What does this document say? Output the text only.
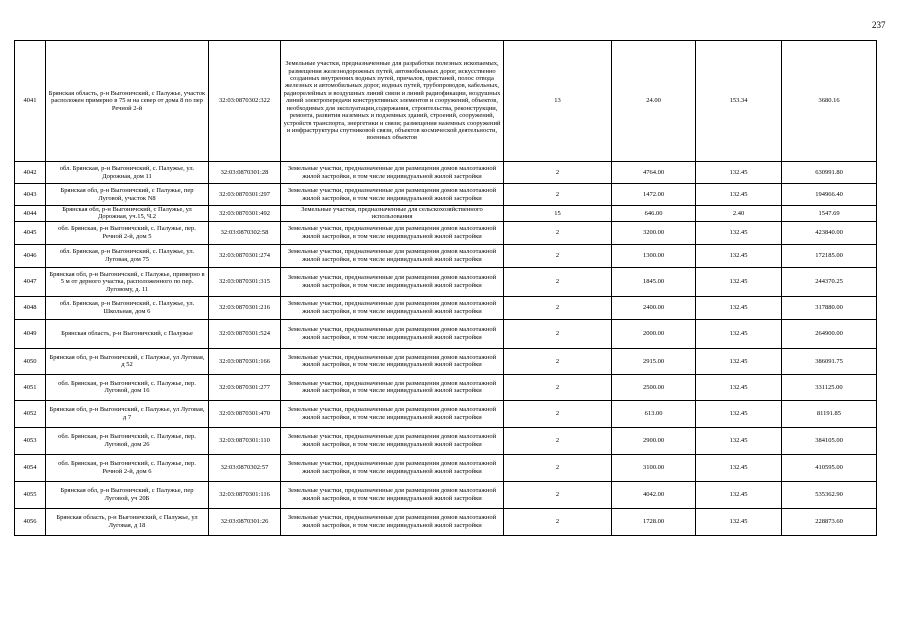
237
4041	Брянская область, р-н Выгоничский, с Палужье, участок расположен примерно в 75 м на север от дома 8 по пер Речной 2-й	32:03:0870302:322	Земельные участки, предназначенные для разработки полезных ископаемых, размещения железнодорожных путей, автомобильных дорог, искусственно созданных внутренних водных путей, причалов, пристаней, полос отвода железных и автомобильных дорог, водных путей, трубопроводов, кабельных, радиорелейных и воздушных линий связи и линий радиофикации, воздушных линий электропередачи конструктивных элементов и сооружений, объектов, необходимых для эксплуатации,содержания, строительства, реконструкции, ремонта, развития наземных и подземных зданий, строений, сооружений, устройств транспорта, энергетики и связи; размещения наземных сооружений и инфраструктуры спутниковой связи, объектов космической деятельности, военных объектов	13	24.00	153.34	3680.16
4042	обл. Брянская, р-н Выгоничский, с. Палужье, ул. Дорожная, дом 11	32:03:0870301:28	Земельные участки, предназначенные для размещения домов малоэтажной жилой застройки, в том числе индивидуальной жилой застройки	2	4764.00	132.45	630991.80
4043	Брянская обл, р-н Выгоничский, с Палужье, пер Луговой, участок N8	32:03:0870301:297	Земельные участки, предназначенные для размещения домов малоэтажной жилой застройки, в том числе индивидуальной жилой застройки	2	1472.00	132.45	194966.40
4044	Брянская обл, р-н Выгоничский, с Палужье, ул Дорожная, уч.15, Ч.2	32:03:0870301:492	Земельные участки, предназначенные для сельскохозяйственного использования	15	646.00	2.40	1547.69
4045	обл. Брянская, р-н Выгоничский, с. Палужье, пер. Речной 2-й, дом 5	32:03:0870302:58	Земельные участки, предназначенные для размещения домов малоэтажной жилой застройки, в том числе индивидуальной жилой застройки	2	3200.00	132.45	423840.00
4046	обл. Брянская, р-н Выгоничский, с. Палужье, ул. Луговая, дом 75	32:03:0870301:274	Земельные участки, предназначенные для размещения домов малоэтажной жилой застройки, в том числе индивидуальной жилой застройки	2	1300.00	132.45	172185.00
4047	Брянская обл, р-н Выгоничский, с Палужье, примерно в 5 м от дерного участка, расположенного по пер. Луговому, д. 11	32:03:0870301:315	Земельные участки, предназначенные для размещения домов малоэтажной жилой застройки, в том числе индивидуальной жилой застройки	2	1845.00	132.45	244370.25
4048	обл. Брянская, р-н Выгоничский, с. Палужье, ул. Школьная, дом 6	32:03:0870301:216	Земельные участки, предназначенные для размещения домов малоэтажной жилой застройки, в том числе индивидуальной жилой застройки	2	2400.00	132.45	317880.00
4049	Брянская область, р-н Выгоничский, с Палужье	32:03:0870301:524	Земельные участки, предназначенные для размещения домов малоэтажной жилой застройки, в том числе индивидуальной жилой застройки	2	2000.00	132.45	264900.00
4050	Брянская обл, р-н Выгоничский, с Палужье, ул Луговая, д 52	32:03:0870301:166	Земельные участки, предназначенные для размещения домов малоэтажной жилой застройки, в том числе индивидуальной жилой застройки	2	2915.00	132.45	386091.75
4051	обл. Брянская, р-н Выгоничский, с. Палужье, пер. Луговой, дом 16	32:03:0870301:277	Земельные участки, предназначенные для размещения домов малоэтажной жилой застройки, в том числе индивидуальной жилой застройки	2	2500.00	132.45	331125.00
4052	Брянская обл, р-н Выгоничский, с Палужье, ул Луговая, д 7	32:03:0870301:470	Земельные участки, предназначенные для размещения домов малоэтажной жилой застройки, в том числе индивидуальной жилой застройки	2	613.00	132.45	81191.85
4053	обл. Брянская, р-н Выгоничский, с. Палужье, пер. Луговой, дом 26	32:03:0870301:110	Земельные участки, предназначенные для размещения домов малоэтажной жилой застройки, в том числе индивидуальной жилой застройки	2	2900.00	132.45	384105.00
4054	обл. Брянская, р-н Выгоничский, с. Палужье, пер. Речной 2-й, дом 6	32:03:0870302:57	Земельные участки, предназначенные для размещения домов малоэтажной жилой застройки, в том числе индивидуальной жилой застройки	2	3100.00	132.45	410595.00
4055	Брянская обл, р-н Выгоничский, с Палужье, пер Луговой, уч 20Б	32:03:0870301:116	Земельные участки, предназначенные для размещения домов малоэтажной жилой застройки, в том числе индивидуальной жилой застройки	2	4042.00	132.45	535362.90
4056	Брянская область, р-н Выгоничский, с Палужье, ул Луговая, д 18	32:03:0870301:26	Земельные участки, предназначенные для размещения домов малоэтажной жилой застройки, в том числе индивидуальной жилой застройки	2	1728.00	132.45	228873.60
